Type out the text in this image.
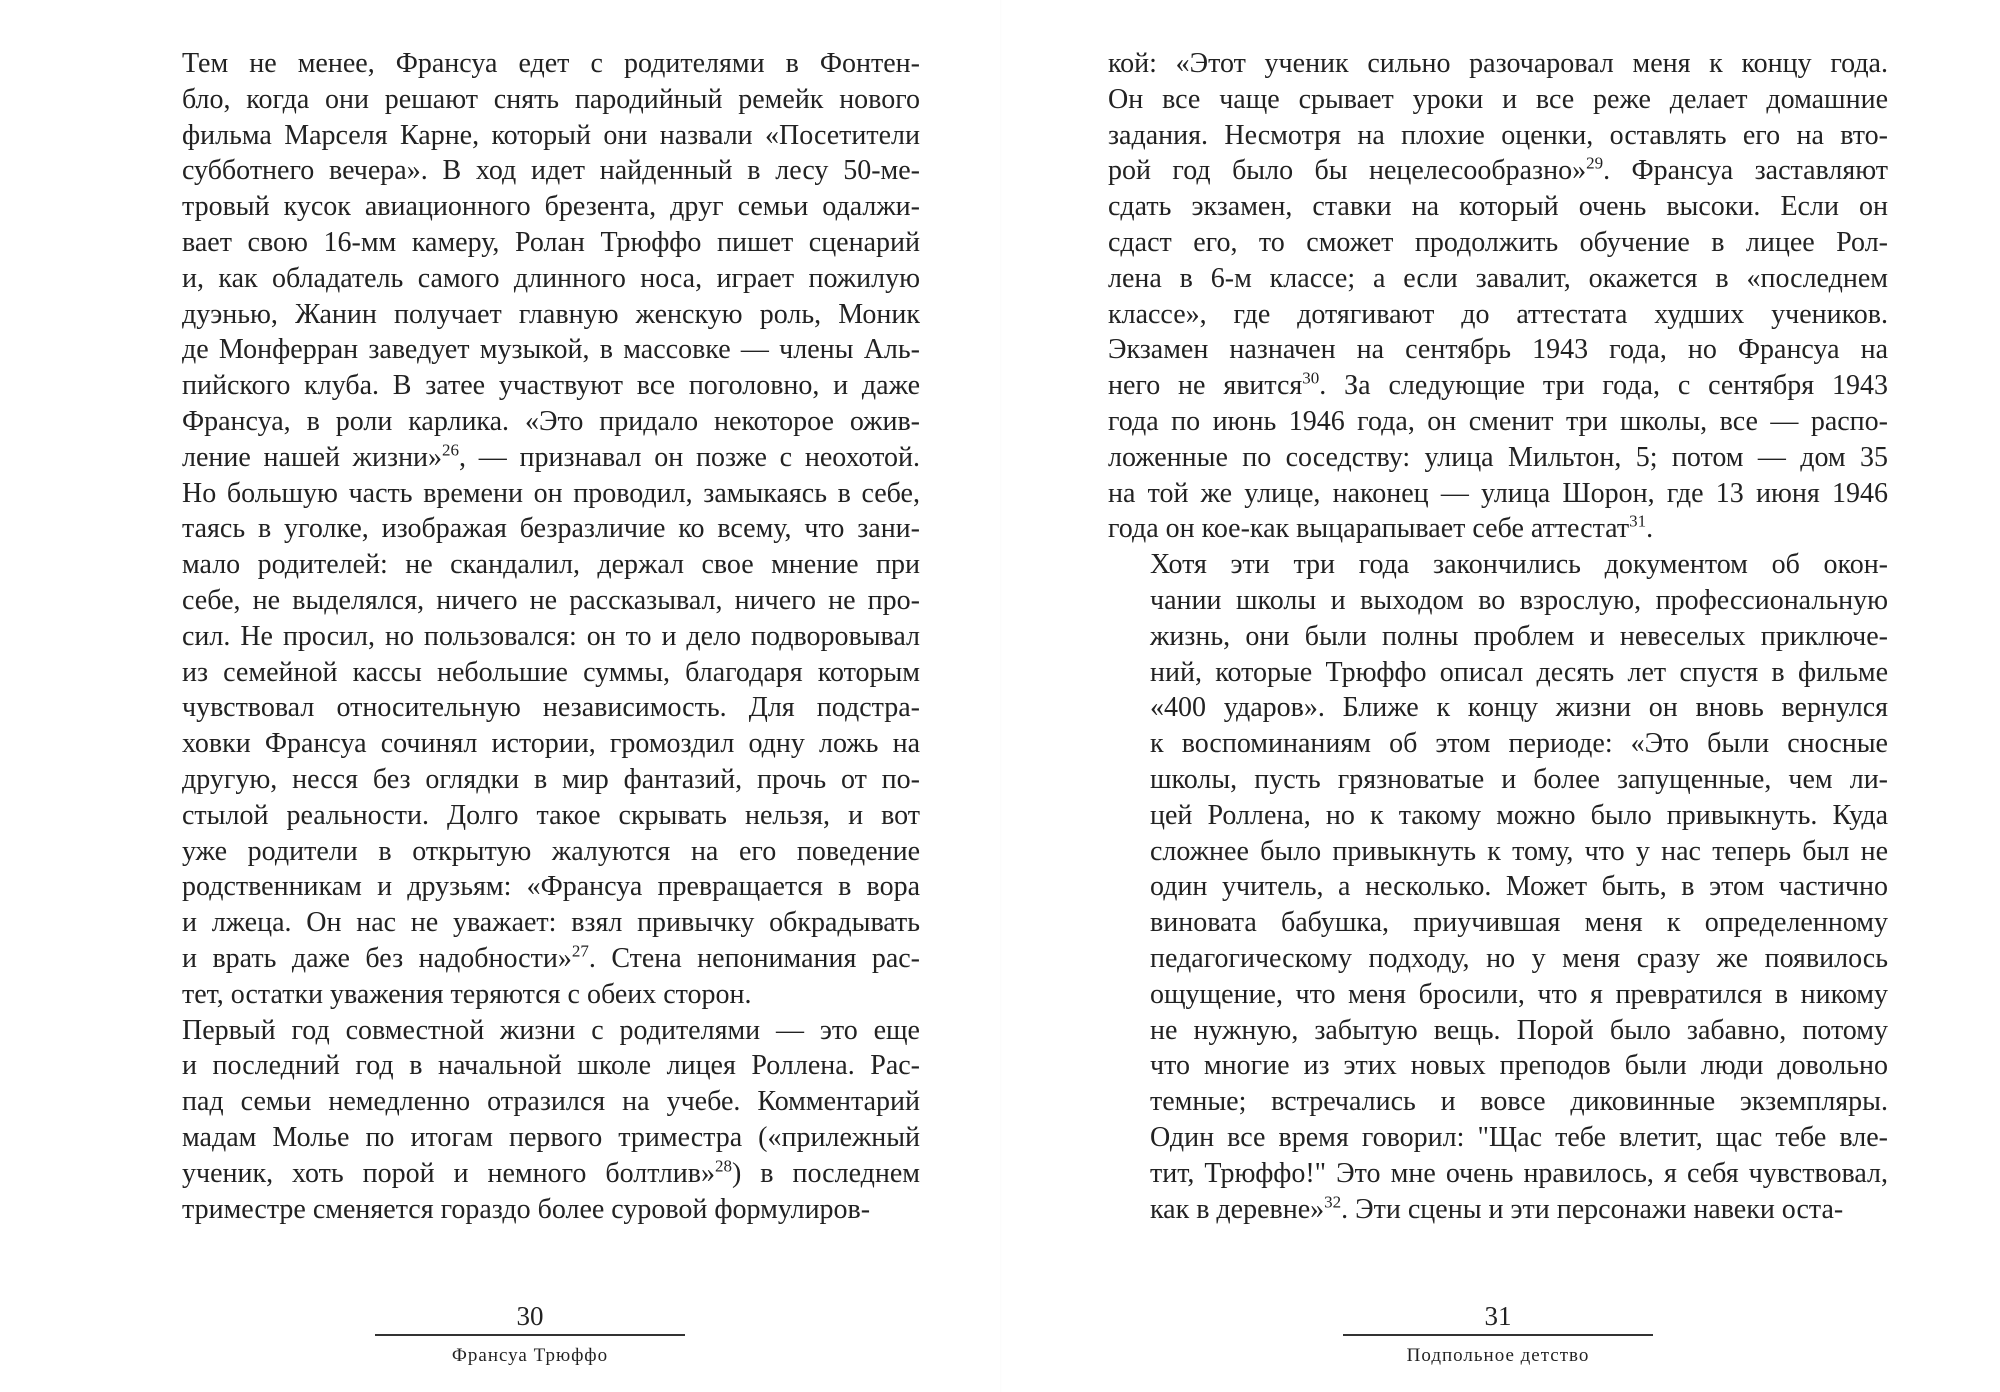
Тем не менее, Франсуа едет с родителями в Фонтен-
бло, когда они решают снять пародийный ремейк нового
фильма Марселя Карне, который они назвали «Посетители
субботнего вечера». В ход идет найденный в лесу 50-ме-
тровый кусок авиационного брезента, друг семьи одалжи-
вает свою 16-мм камеру, Ролан Трюффо пишет сценарий
и, как обладатель самого длинного носа, играет пожилую
дуэнью, Жанин получает главную женскую роль, Моник
де Монферран заведует музыкой, в массовке — члены Аль-
пийского клуба. В затее участвуют все поголовно, и даже
Франсуа, в роли карлика. «Это придало некоторое ожив-
ление нашей жизни»$^{26}$, — признавал он позже с неохотой.
Но большую часть времени он проводил, замыкаясь в себе,
таясь в уголке, изображая безразличие ко всему, что зани-
мало родителей: не скандалил, держал свое мнение при
себе, не выделялся, ничего не рассказывал, ничего не про-
сил. Не просил, но пользовался: он то и дело подворовывал
из семейной кассы небольшие суммы, благодаря которым
чувствовал относительную независимость. Для подстра-
ховки Франсуа сочинял истории, громоздил одну ложь на
другую, несся без оглядки в мир фантазий, прочь от по-
стылой реальности. Долго такое скрывать нельзя, и вот
уже родители в открытую жалуются на его поведение
родственникам и друзьям: «Франсуа превращается в вора
и лжеца. Он нас не уважает: взял привычку обкрадывать
и врать даже без надобности»$^{27}$. Стена непонимания рас-
тет, остатки уважения теряются с обеих сторон.

Первый год совместной жизни с родителями — это еще
и последний год в начальной школе лицея Роллена. Рас-
пад семьи немедленно отразился на учебе. Комментарий
мадам Молье по итогам первого триместра («прилежный
ученик, хоть порой и немного болтлив»$^{28}$) в последнем
триместре сменяется гораздо более суровой формулиров-

кой: «Этот ученик сильно разочаровал меня к концу года.
Он все чаще срывает уроки и все реже делает домашние
задания. Несмотря на плохие оценки, оставлять его на вто-
рой год было бы нецелесообразно»$^{29}$. Франсуа заставляют
сдать экзамен, ставки на который очень высоки. Если он
сдаст его, то сможет продолжить обучение в лицее Рол-
лена в 6-м классе; а если завалит, окажется в «последнем
классе», где дотягивают до аттестата худших учеников.
Экзамен назначен на сентябрь 1943 года, но Франсуа на
него не явится$^{30}$. За следующие три года, с сентября 1943
года по июнь 1946 года, он сменит три школы, все — распо-
ложенные по соседству: улица Мильтон, 5; потом — дом 35
на той же улице, наконец — улица Шорон, где 13 июня 1946
года он кое-как выцарапывает себе аттестат$^{31}$.

Хотя эти три года закончились документом об окон-
чании школы и выходом во взрослую, профессиональную
жизнь, они были полны проблем и невеселых приключе-
ний, которые Трюффо описал десять лет спустя в фильме
«400 ударов». Ближе к концу жизни он вновь вернулся
к воспоминаниям об этом периоде: «Это были сносные
школы, пусть грязноватые и более запущенные, чем ли-
цей Роллена, но к такому можно было привыкнуть. Куда
сложнее было привыкнуть к тому, что у нас теперь был не
один учитель, а несколько. Может быть, в этом частично
виновата бабушка, приучившая меня к определенному
педагогическому подходу, но у меня сразу же появилось
ощущение, что меня бросили, что я превратился в никому
не нужную, забытую вещь. Порой было забавно, потому
что многие из этих новых преподов были люди довольно
темные; встречались и вовсе диковинные экземпляры.
Один все время говорил: "Щас тебе влетит, щас тебе вле-
тит, Трюффо!" Это мне очень нравилось, я себя чувствовал,
как в деревне»$^{32}$. Эти сцены и эти персонажи навеки оста-

30
Франсуа Трюффо
31
Подпольное детство
